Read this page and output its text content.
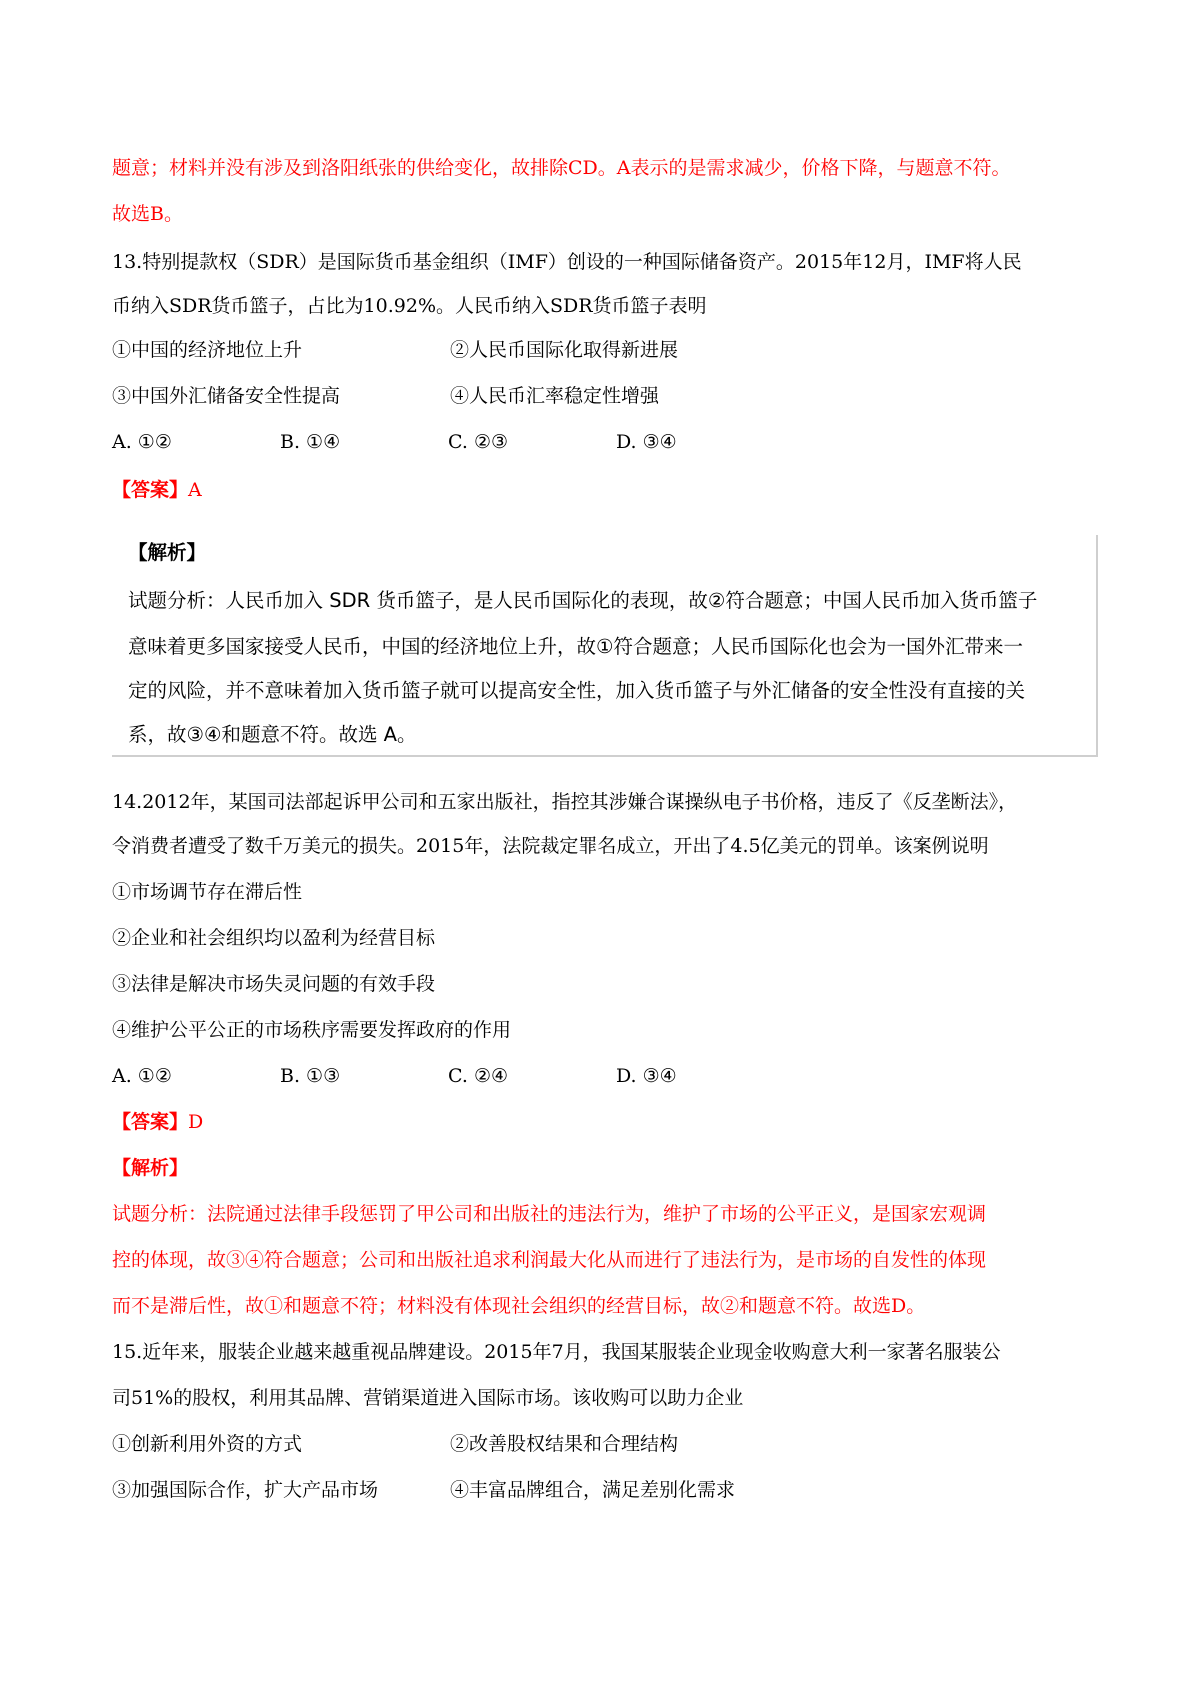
题意；材料并没有涉及到洛阳纸张的供给变化，故排除CD。A表示的是需求减少，价格下降，与题意不符。

故选B。

13.特别提款权（SDR）是国际货币基金组织（IMF）创设的一种国际储备资产。2015年12月，IMF将人民

币纳入SDR货币篮子，占比为10.92%。人民币纳入SDR货币篮子表明

①中国的经济地位上升	②人民币国际化取得新进展

③中国外汇储备安全性提高	④人民币汇率稳定性增强

A. ①②	B. ①④	C. ②③	D. ③④

【答案】A

【解析】

试题分析：人民币加入 SDR 货币篮子，是人民币国际化的表现，故②符合题意；中国人民币加入货币篮子

意味着更多国家接受人民币，中国的经济地位上升，故①符合题意；人民币国际化也会为一国外汇带来一

定的风险，并不意味着加入货币篮子就可以提高安全性，加入货币篮子与外汇储备的安全性没有直接的关

系，故③④和题意不符。故选 A。

14.2012年，某国司法部起诉甲公司和五家出版社，指控其涉嫌合谋操纵电子书价格，违反了《反垄断法》，

令消费者遭受了数千万美元的损失。2015年，法院裁定罪名成立，开出了4.5亿美元的罚单。该案例说明

①市场调节存在滞后性

②企业和社会组织均以盈利为经营目标

③法律是解决市场失灵问题的有效手段

④维护公平公正的市场秩序需要发挥政府的作用

A. ①②	B. ①③	C. ②④	D. ③④

【答案】D

【解析】

试题分析：法院通过法律手段惩罚了甲公司和出版社的违法行为，维护了市场的公平正义，是国家宏观调

控的体现，故③④符合题意；公司和出版社追求利润最大化从而进行了违法行为，是市场的自发性的体现

而不是滞后性，故①和题意不符；材料没有体现社会组织的经营目标，故②和题意不符。故选D。

15.近年来，服装企业越来越重视品牌建设。2015年7月，我国某服装企业现金收购意大利一家著名服装公

司51%的股权，利用其品牌、营销渠道进入国际市场。该收购可以助力企业

①创新利用外资的方式	②改善股权结果和合理结构

③加强国际合作，扩大产品市场	④丰富品牌组合，满足差别化需求
